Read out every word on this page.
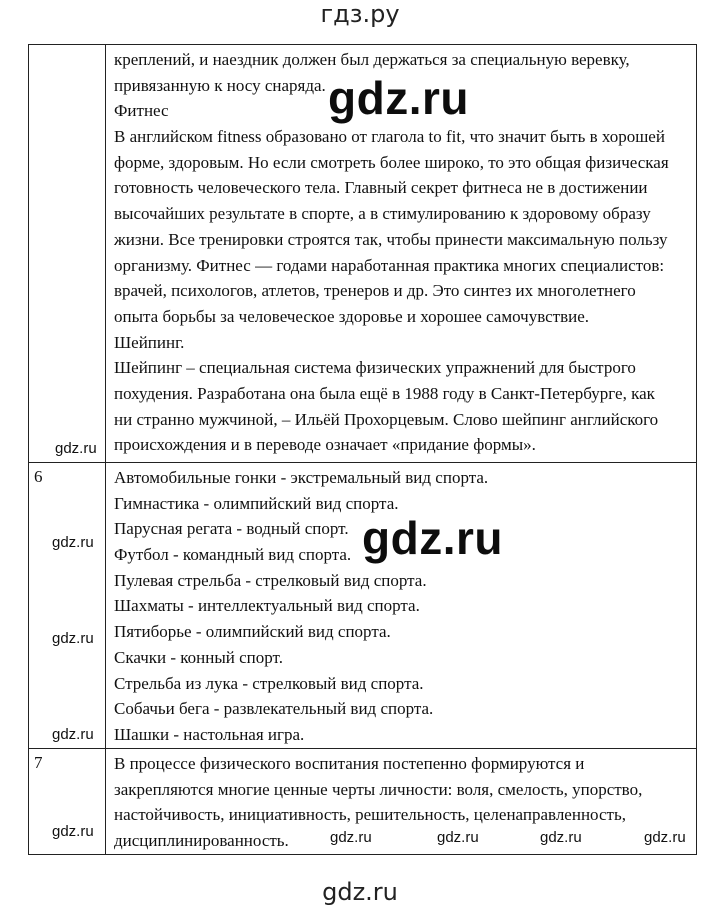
гдз.ру
креплений, и наездник должен был держаться за специальную веревку,
привязанную к носу снаряда.
Фитнес
В английском fitness образовано от глагола to fit, что значит быть в хорошей
форме, здоровым. Но если смотреть более широко, то это общая физическая
готовность человеческого тела. Главный секрет фитнеса не в достижении
высочайших результате в спорте, а в стимулированию к здоровому образу
жизни. Все тренировки строятся так, чтобы принести максимальную пользу
организму. Фитнес — годами наработанная практика многих специалистов:
врачей, психологов, атлетов, тренеров и др. Это синтез их многолетнего
опыта борьбы за человеческое здоровье и хорошее самочувствие.
Шейпинг.
Шейпинг – специальная система физических упражнений для быстрого
похудения. Разработана она была ещё в 1988 году в Санкт-Петербурге, как
ни странно мужчиной, – Ильёй Прохорцевым. Слово шейпинг английского
происхождения и в переводе означает «придание формы».
6	Автомобильные гонки - экстремальный вид спорта.
Гимнастика - олимпийский вид спорта.
Парусная регата - водный спорт.
Футбол - командный вид спорта.
Пулевая стрельба - стрелковый вид спорта.
Шахматы - интеллектуальный вид спорта.
Пятиборье - олимпийский вид спорта.
Скачки - конный спорт.
Стрельба из лука - стрелковый вид спорта.
Собачьи бега - развлекательный вид спорта.
Шашки - настольная игра.
7	В процессе физического воспитания постепенно формируются и
закрепляются многие ценные черты личности: воля, смелость, упорство,
настойчивость, инициативность, решительность, целенаправленность,
дисциплинированность.
gdz.ru
gdz.ru
gdz.ru
gdz.ru
gdz.ru
gdz.ru
gdz.ru	gdz.ru	gdz.ru	gdz.ru	gdz.ru
gdz.ru
